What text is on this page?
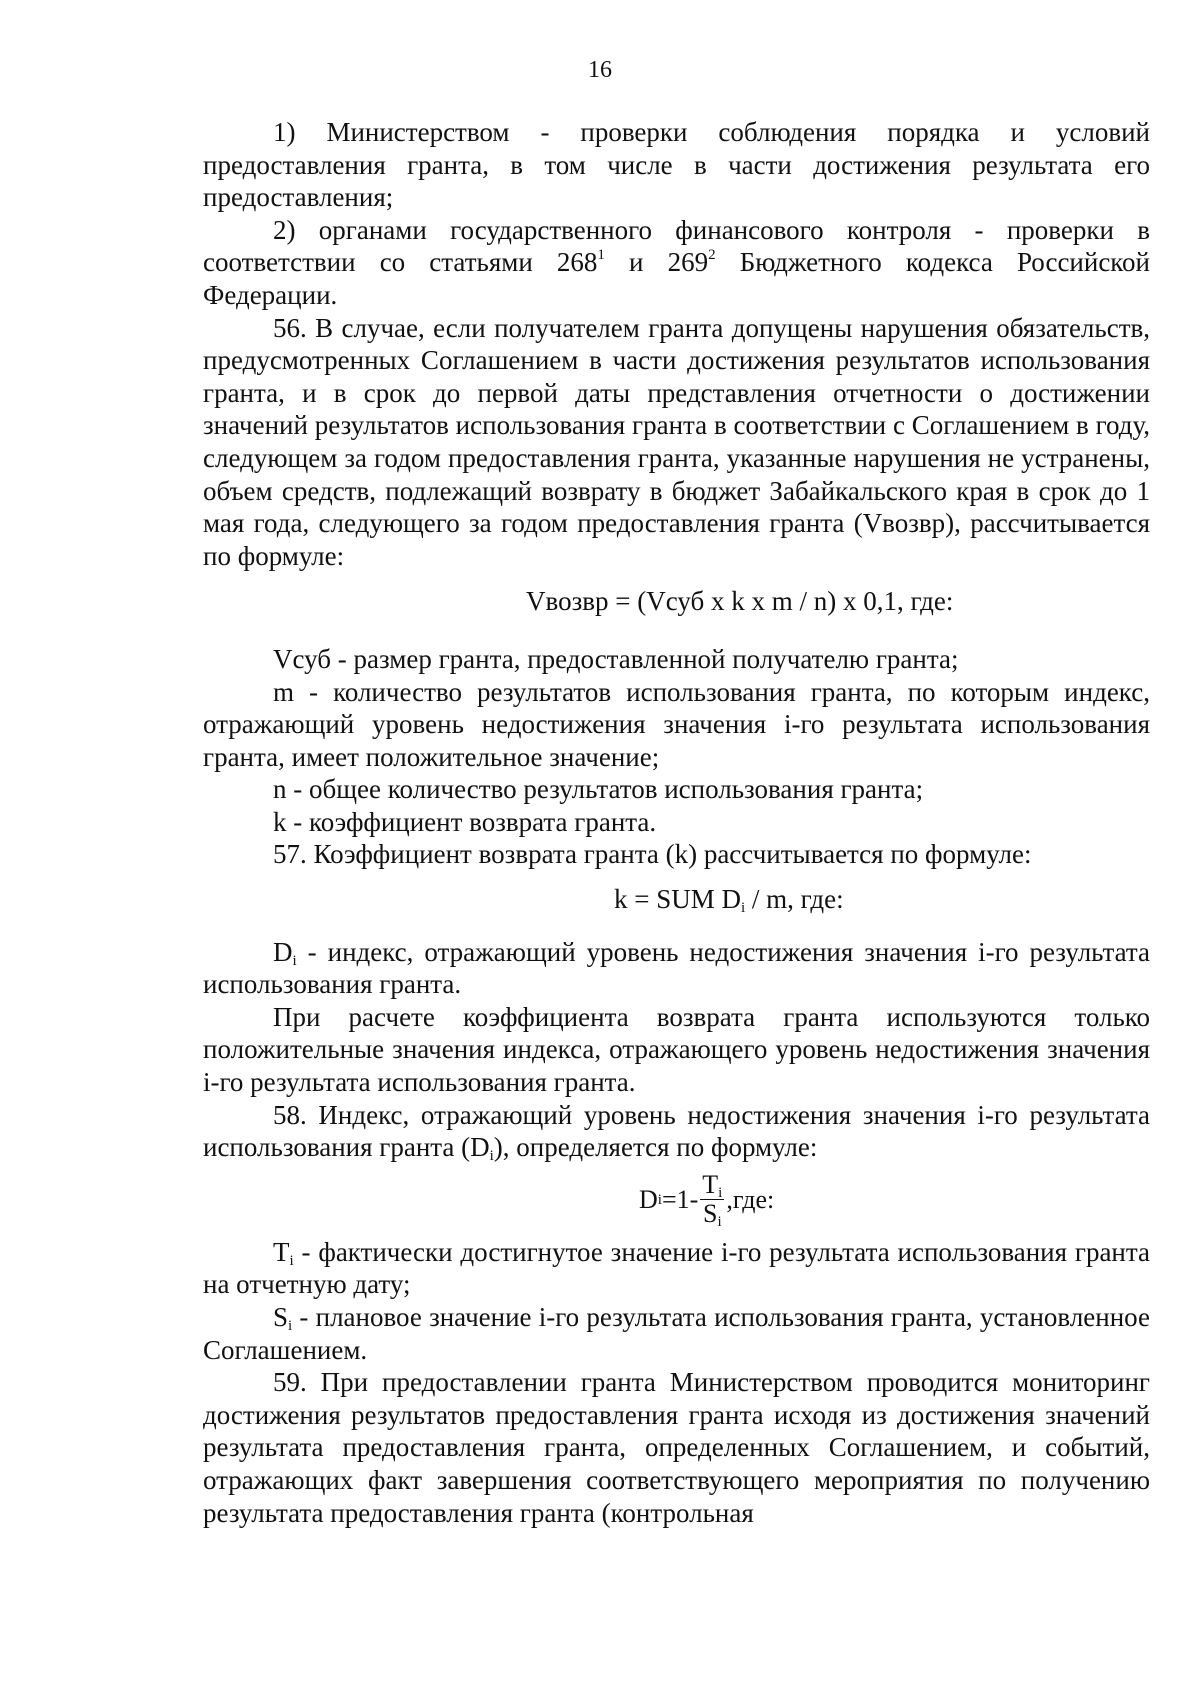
16

1) Министерством - проверки соблюдения порядка и условий предоставления гранта, в том числе в части достижения результата его предоставления;

2) органами государственного финансового контроля - проверки в соответствии со статьями $268^1$ и $269^2$ Бюджетного кодекса Российской Федерации.

56. В случае, если получателем гранта допущены нарушения обязательств, предусмотренных Соглашением в части достижения результатов использования гранта, и в срок до первой даты представления отчетности о достижении значений результатов использования гранта в соответствии с Соглашением в году, следующем за годом предоставления гранта, указанные нарушения не устранены, объем средств, подлежащий возврату в бюджет Забайкальского края в срок до 1 мая года, следующего за годом предоставления гранта (Vвозвр), рассчитывается по формуле:

Vвозвр = (Vсуб x k x m / n) x 0,1, где:

Vсуб - размер гранта, предоставленной получателю гранта;

m - количество результатов использования гранта, по которым индекс, отражающий уровень недостижения значения i-го результата использования гранта, имеет положительное значение;

n - общее количество результатов использования гранта;

k - коэффициент возврата гранта.

57. Коэффициент возврата гранта (k) рассчитывается по формуле:

k = SUM $D_i$ / m, где:

$D_i$ - индекс, отражающий уровень недостижения значения i-го результата использования гранта.

При расчете коэффициента возврата гранта используются только положительные значения индекса, отражающего уровень недостижения значения i-го результата использования гранта.

58. Индекс, отражающий уровень недостижения значения i-го результата использования гранта $(D_i)$, определяется по формуле:

D $i =1- \frac{T_i}{S_i} ,где$:

$T_i$ - фактически достигнутое значение i-го результата использования гранта на отчетную дату;

$S_i$ - плановое значение i-го результата использования гранта, установленное Соглашением.

59. При предоставлении гранта Министерством проводится мониторинг достижения результатов предоставления гранта исходя из достижения значений результата предоставления гранта, определенных Соглашением, и событий, отражающих факт завершения соответствующего мероприятия по получению результата предоставления гранта (контрольная
